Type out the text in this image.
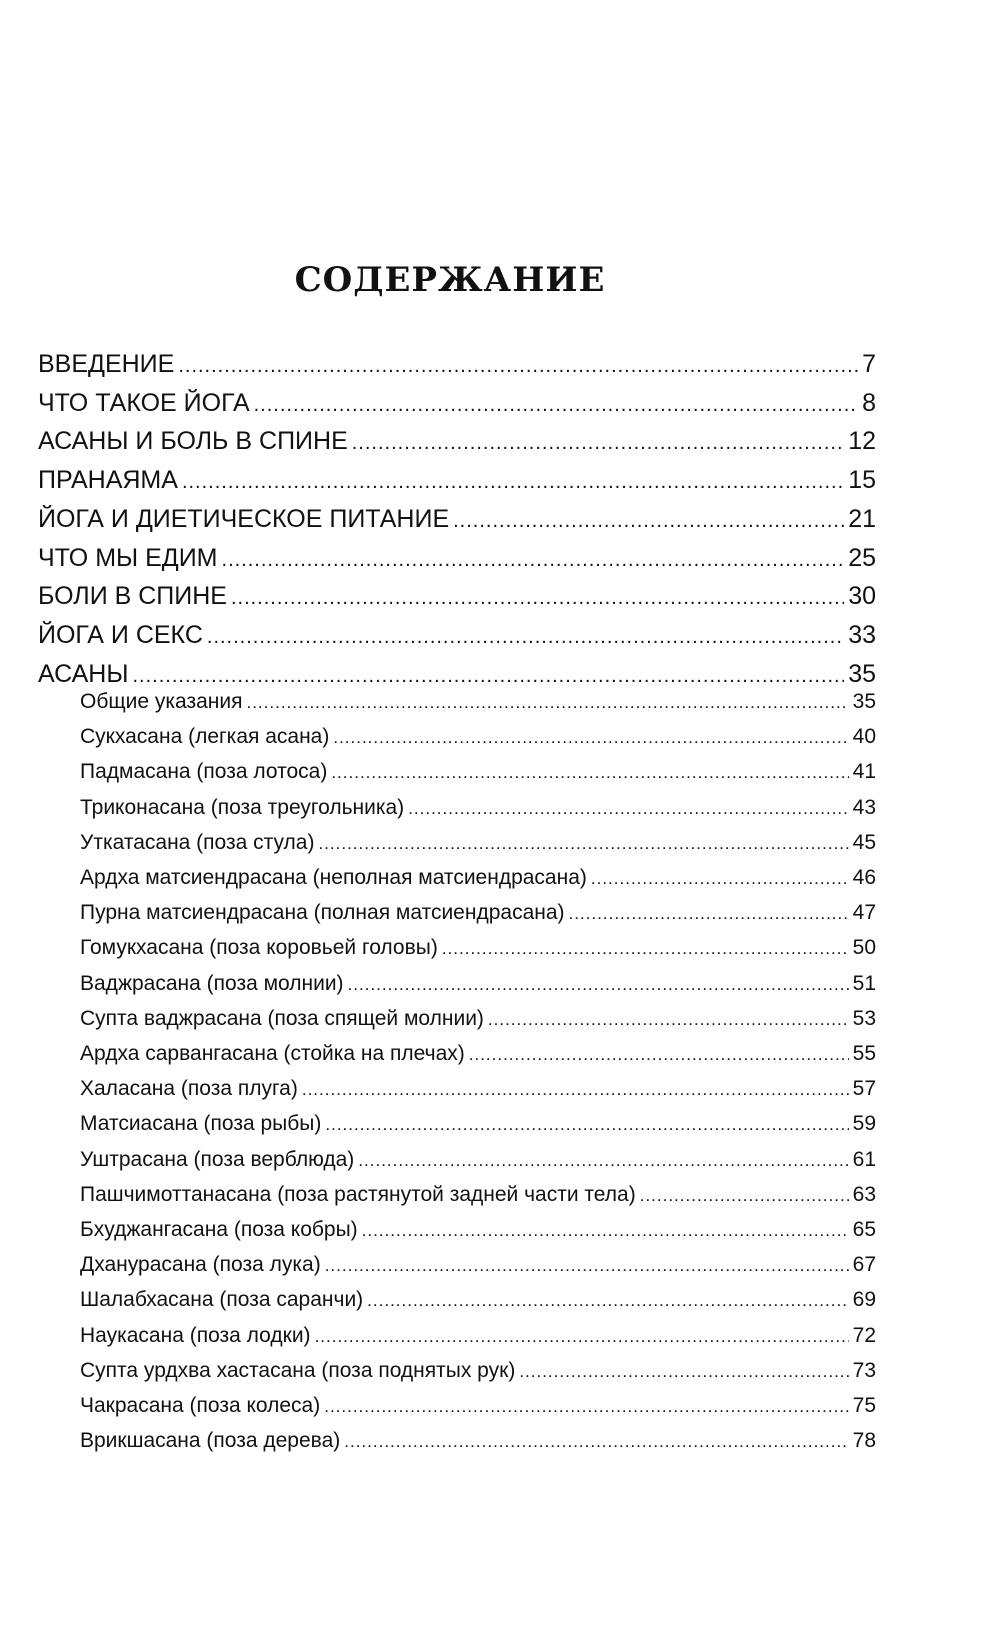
СОДЕРЖАНИЕ
ВВЕДЕНИЕ .....	7
ЧТО ТАКОЕ ЙОГА .....	8
АСАНЫ И БОЛЬ В СПИНЕ .....	12
ПРАНАЯМА .....	15
ЙОГА И ДИЕТИЧЕСКОЕ ПИТАНИЕ .....	21
ЧТО МЫ ЕДИМ .....	25
БОЛИ В СПИНЕ .....	30
ЙОГА И СЕКС .....	33
АСАНЫ .....	35
Общие указания .....	35
Сукхасана (легкая асана) .....	40
Падмасана (поза лотоса) .....	41
Триконасана (поза треугольника) .....	43
Уткатасана (поза стула) .....	45
Ардха матсиендрасана (неполная матсиендрасана) .....	46
Пурна матсиендрасана (полная матсиендрасана) .....	47
Гомукхасана (поза коровьей головы) .....	50
Ваджрасана (поза молнии) .....	51
Супта ваджрасана (поза спящей молнии) .....	53
Ардха сарвангасана (стойка на плечах) .....	55
Халасана (поза плуга) .....	57
Матсиасана (поза рыбы) .....	59
Уштрасана (поза верблюда) .....	61
Пашчимоттанасана (поза растянутой задней части тела) .....	63
Бхуджангасана (поза кобры) .....	65
Дханурасана (поза лука) .....	67
Шалабхасана (поза саранчи) .....	69
Наукасана (поза лодки) .....	72
Супта урдхва хастасана (поза поднятых рук) .....	73
Чакрасана (поза колеса) .....	75
Врикшасана (поза дерева) .....	78
